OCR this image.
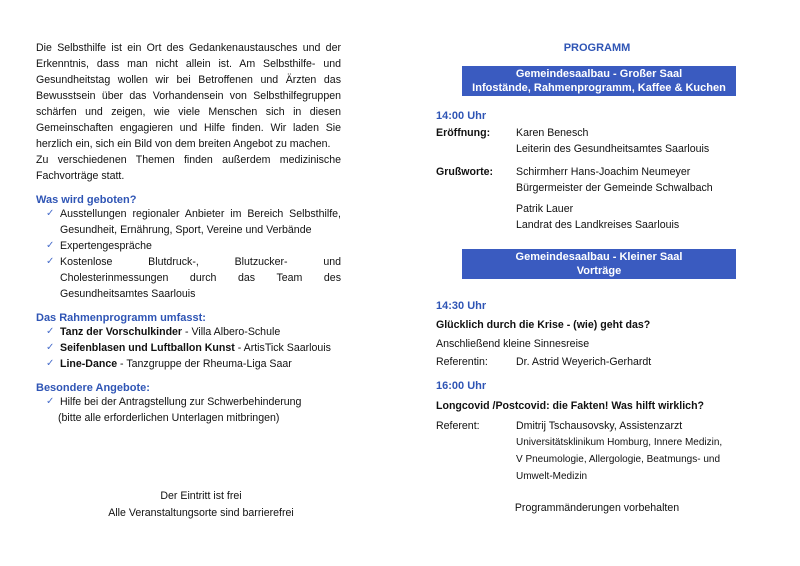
Die Selbsthilfe ist ein Ort des Gedankenaustausches und der Erkenntnis, dass man nicht allein ist. Am Selbsthilfe- und Gesundheitstag wollen wir bei Betroffenen und Ärzten das Bewusstsein über das Vorhandensein von Selbsthilfegruppen schärfen und zeigen, wie viele Menschen sich in diesen Gemeinschaften engagieren und Hilfe finden. Wir laden Sie herzlich ein, sich ein Bild von dem breiten Angebot zu machen.

Zu verschiedenen Themen finden außerdem medizinische Fachvorträge statt.

Was wird geboten?
✓ Ausstellungen regionaler Anbieter im Bereich Selbsthilfe, Gesundheit, Ernährung, Sport, Vereine und Verbände
✓ Expertengespräche
✓ Kostenlose Blutdruck-, Blutzucker- und Cholesterinmessungen durch das Team des Gesundheitsamtes Saarlouis
Das Rahmenprogramm umfasst:
✓ Tanz der Vorschulkinder - Villa Albero-Schule
✓ Seifenblasen und Luftballon Kunst - ArtisTick Saarlouis
✓ Line-Dance - Tanzgruppe der Rheuma-Liga Saar
Besondere Angebote:
✓ Hilfe bei der Antragstellung zur Schwerbehinderung
(bitte alle erforderlichen Unterlagen mitbringen)
Der Eintritt ist frei
Alle Veranstaltungsorte sind barrierefrei
PROGRAMM
Gemeindesaalbau - Großer Saal
Infostände, Rahmenprogramm, Kaffee & Kuchen
14:00 Uhr
Eröffnung: Karen Benesch
Leiterin des Gesundheitsamtes Saarlouis
Grußworte: Schirmherr Hans-Joachim Neumeyer
Bürgermeister der Gemeinde Schwalbach
Patrik Lauer
Landrat des Landkreises Saarlouis
Gemeindesaalbau - Kleiner Saal
Vorträge
14:30 Uhr
Glücklich durch die Krise - (wie) geht das?
Anschließend kleine Sinnesreise
Referentin:	Dr. Astrid Weyerich-Gerhardt
16:00 Uhr
Longcovid /Postcovid: die Fakten! Was hilft wirklich?
Referent:	Dmitrij Tschausovsky, Assistenzarzt
Universitätsklinikum Homburg, Innere Medizin,
V Pneumologie, Allergologie, Beatmungs- und
Umwelt-Medizin
Programmänderungen vorbehalten
